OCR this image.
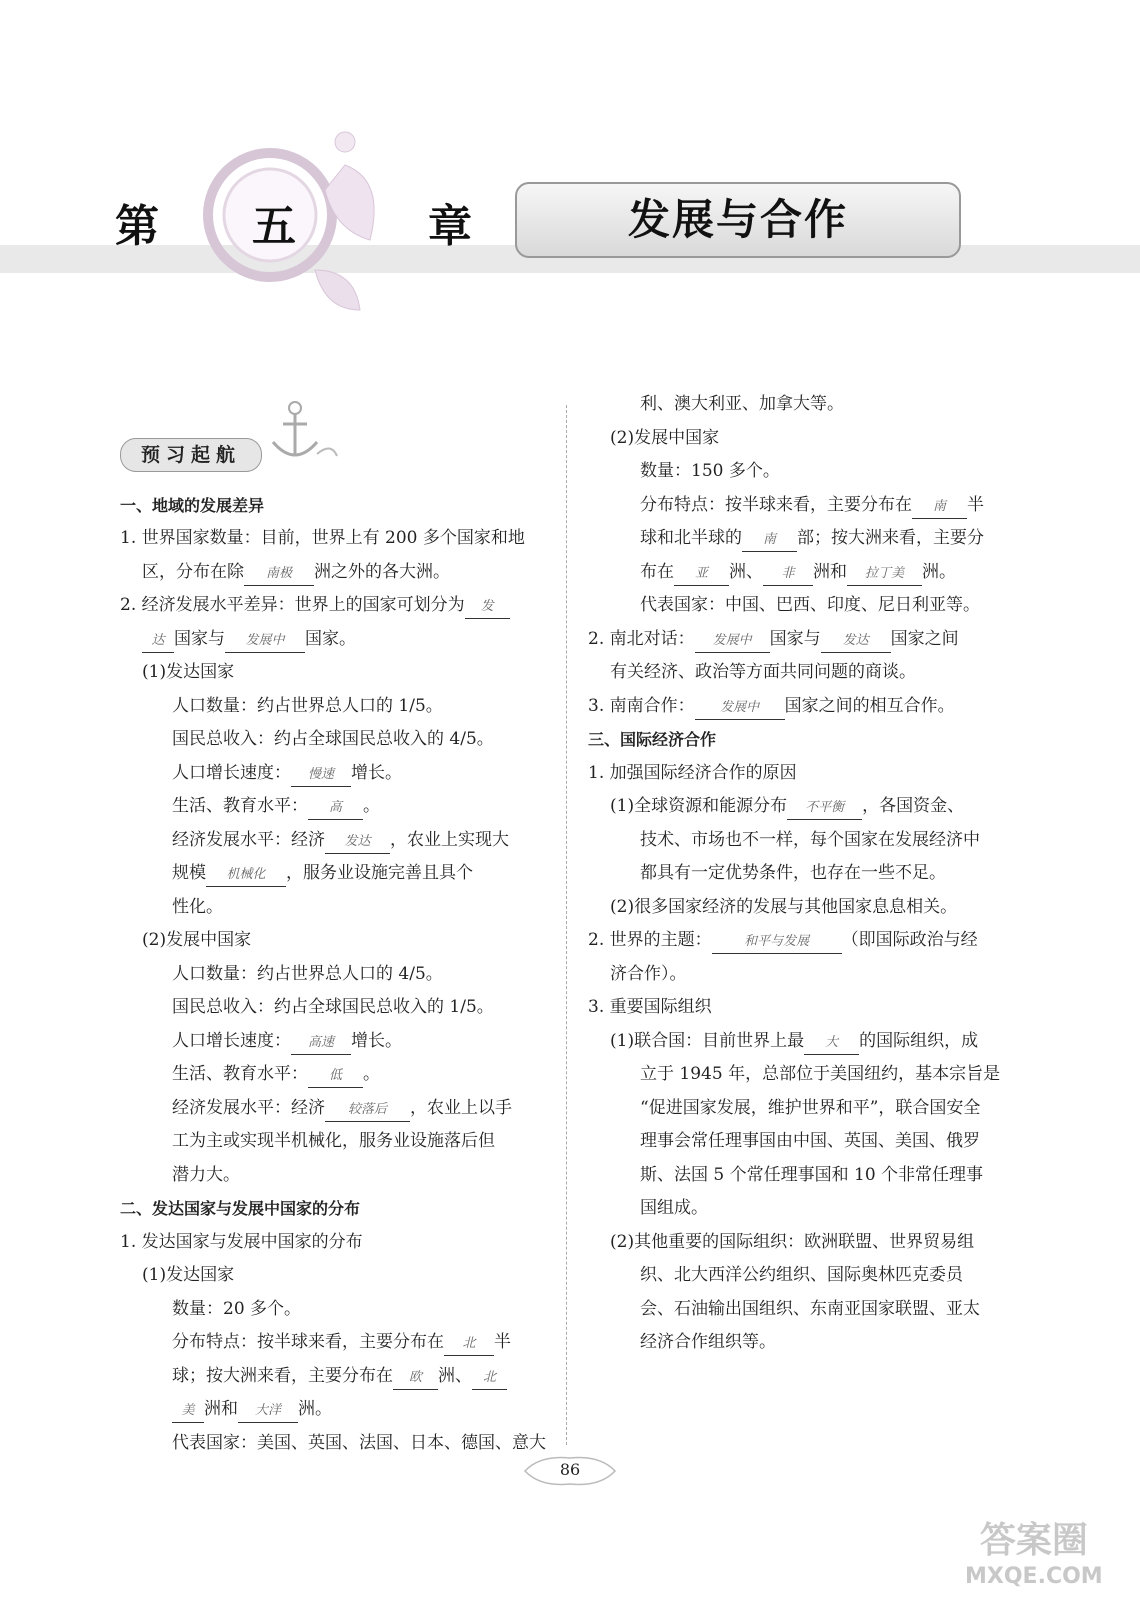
第 五	章	发展与合作
预习起航
一、地域的发展差异
1. 世界国家数量：目前，世界上有 200 多个国家和地
区，分布在除 南极 洲之外的各大洲。
2. 经济发展水平差异：世界上的国家可划分为 发
达 国家与 发展中 国家。
(1)发达国家
人口数量：约占世界总人口的 1/5。
国民总收入：约占全球国民总收入的 4/5。
人口增长速度： 慢速 增长。
生活、教育水平： 高 。
经济发展水平：经济 发达 ，农业上实现大
规模 机械化 ，服务业设施完善且具个
性化。
(2)发展中国家
人口数量：约占世界总人口的 4/5。
国民总收入：约占全球国民总收入的 1/5。
人口增长速度： 高速 增长。
生活、教育水平： 低 。
经济发展水平：经济 较落后 ，农业上以手
工为主或实现半机械化，服务业设施落后但
潜力大。
二、发达国家与发展中国家的分布
1. 发达国家与发展中国家的分布
(1)发达国家
数量：20 多个。
分布特点：按半球来看，主要分布在 北 半
球；按大洲来看，主要分布在 欧 洲、 北
美 洲和 大洋 洲。
代表国家：美国、英国、法国、日本、德国、意大
利、澳大利亚、加拿大等。
(2)发展中国家
数量：150 多个。
分布特点：按半球来看，主要分布在 南 半
球和北半球的 南 部；按大洲来看，主要分
布在 亚 洲、 非 洲和 拉丁美 洲。
代表国家：中国、巴西、印度、尼日利亚等。
2. 南北对话： 发展中 国家与 发达 国家之间
有关经济、政治等方面共同问题的商谈。
3. 南南合作： 发展中 国家之间的相互合作。
三、国际经济合作
1. 加强国际经济合作的原因
(1)全球资源和能源分布 不平衡 ，各国资金、
技术、市场也不一样，每个国家在发展经济中
都具有一定优势条件，也存在一些不足。
(2)很多国家经济的发展与其他国家息息相关。
2. 世界的主题： 和平与发展 （即国际政治与经
济合作）。
3. 重要国际组织
(1)联合国：目前世界上最 大 的国际组织，成
立于 1945 年，总部位于美国纽约，基本宗旨是
“促进国家发展，维护世界和平”，联合国安全
理事会常任理事国由中国、英国、美国、俄罗
斯、法国 5 个常任理事国和 10 个非常任理事
国组成。
(2)其他重要的国际组织：欧洲联盟、世界贸易组
织、北大西洋公约组织、国际奥林匹克委员
会、石油输出国组织、东南亚国家联盟、亚太
经济合作组织等。
86
答案圈
MXQE.COM
